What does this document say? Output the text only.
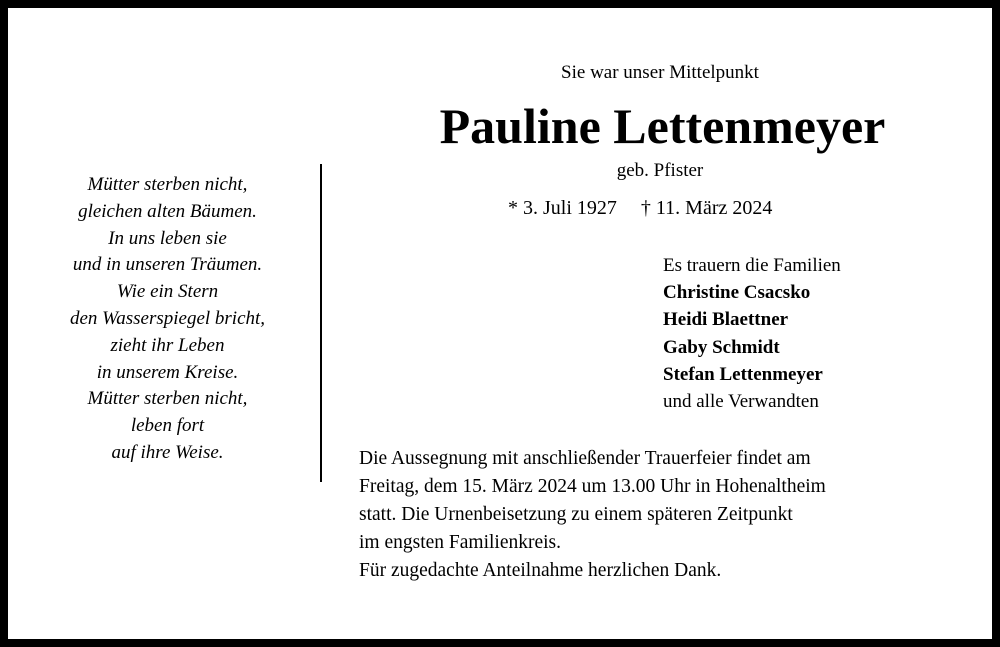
Mütter sterben nicht,
gleichen alten Bäumen.
In uns leben sie
und in unseren Träumen.
Wie ein Stern
den Wasserspiegel bricht,
zieht ihr Leben
in unserem Kreise.
Mütter sterben nicht,
leben fort
auf ihre Weise.
Sie war unser Mittelpunkt
Pauline Lettenmeyer
geb. Pfister
* 3. Juli 1927 † 11. März 2024
Es trauern die Familien
Christine Csacsko
Heidi Blaettner
Gaby Schmidt
Stefan Lettenmeyer
und alle Verwandten
Die Aussegnung mit anschließender Trauerfeier findet am
Freitag, dem 15. März 2024 um 13.00 Uhr in Hohenaltheim
statt. Die Urnenbeisetzung zu einem späteren Zeitpunkt
im engsten Familienkreis.
Für zugedachte Anteilnahme herzlichen Dank.
